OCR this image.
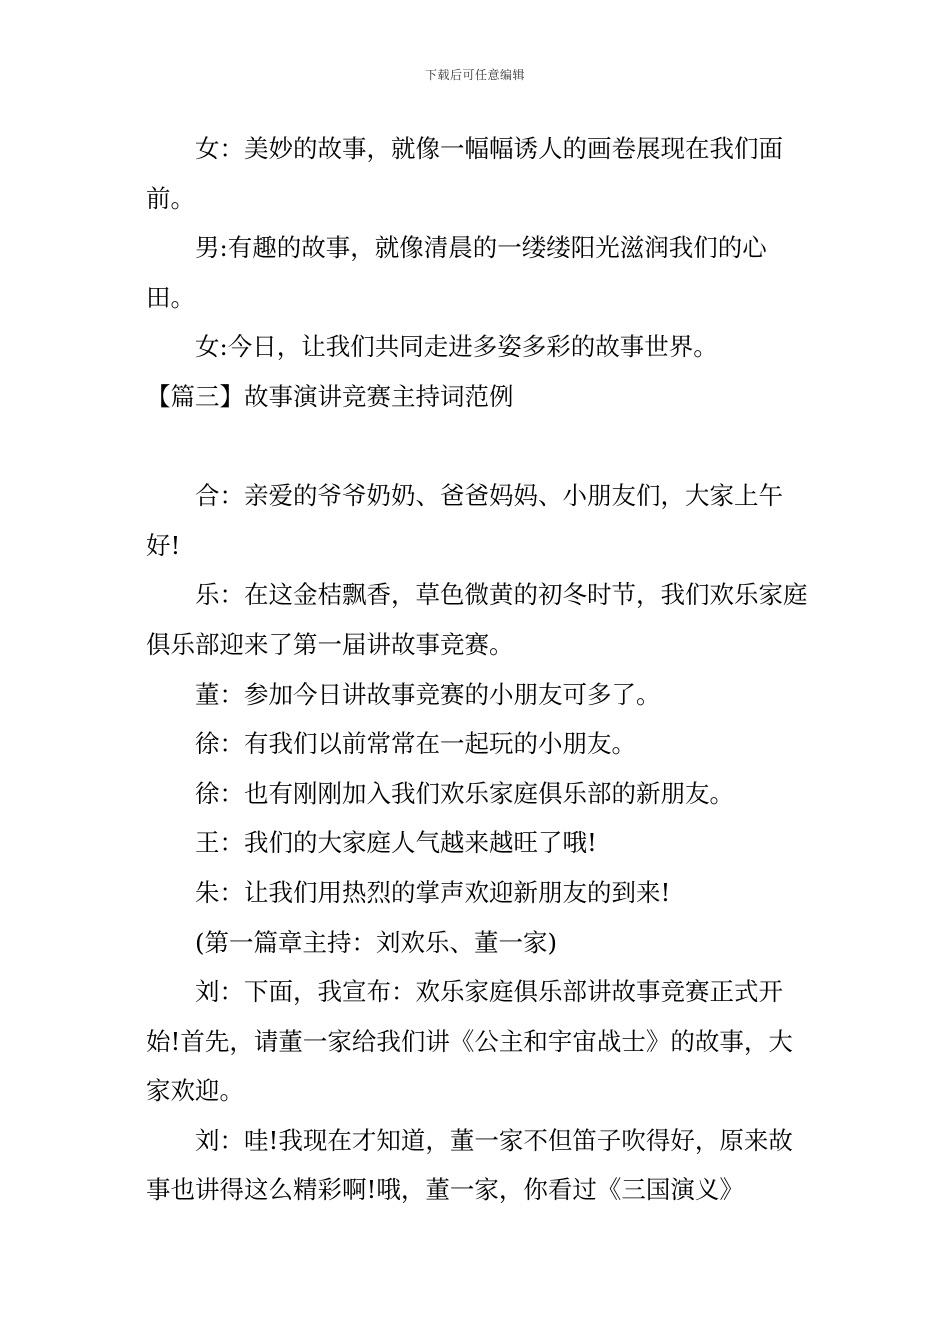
下载后可任意编辑

女：美妙的故事，就像一幅幅诱人的画卷展现在我们面前。

男:有趣的故事，就像清晨的一缕缕阳光滋润我们的心田。

女:今日，让我们共同走进多姿多彩的故事世界。

【篇三】故事演讲竞赛主持词范例

合：亲爱的爷爷奶奶、爸爸妈妈、小朋友们，大家上午好!

乐：在这金桔飘香，草色微黄的初冬时节，我们欢乐家庭俱乐部迎来了第一届讲故事竞赛。

董：参加今日讲故事竞赛的小朋友可多了。

徐：有我们以前常常在一起玩的小朋友。

徐：也有刚刚加入我们欢乐家庭俱乐部的新朋友。

王：我们的大家庭人气越来越旺了哦!

朱：让我们用热烈的掌声欢迎新朋友的到来!

(第一篇章主持：刘欢乐、董一家)

刘：下面，我宣布：欢乐家庭俱乐部讲故事竞赛正式开始!首先，请董一家给我们讲《公主和宇宙战士》的故事，大家欢迎。

刘：哇!我现在才知道，董一家不但笛子吹得好，原来故事也讲得这么精彩啊!哦，董一家，你看过《三国演义》
